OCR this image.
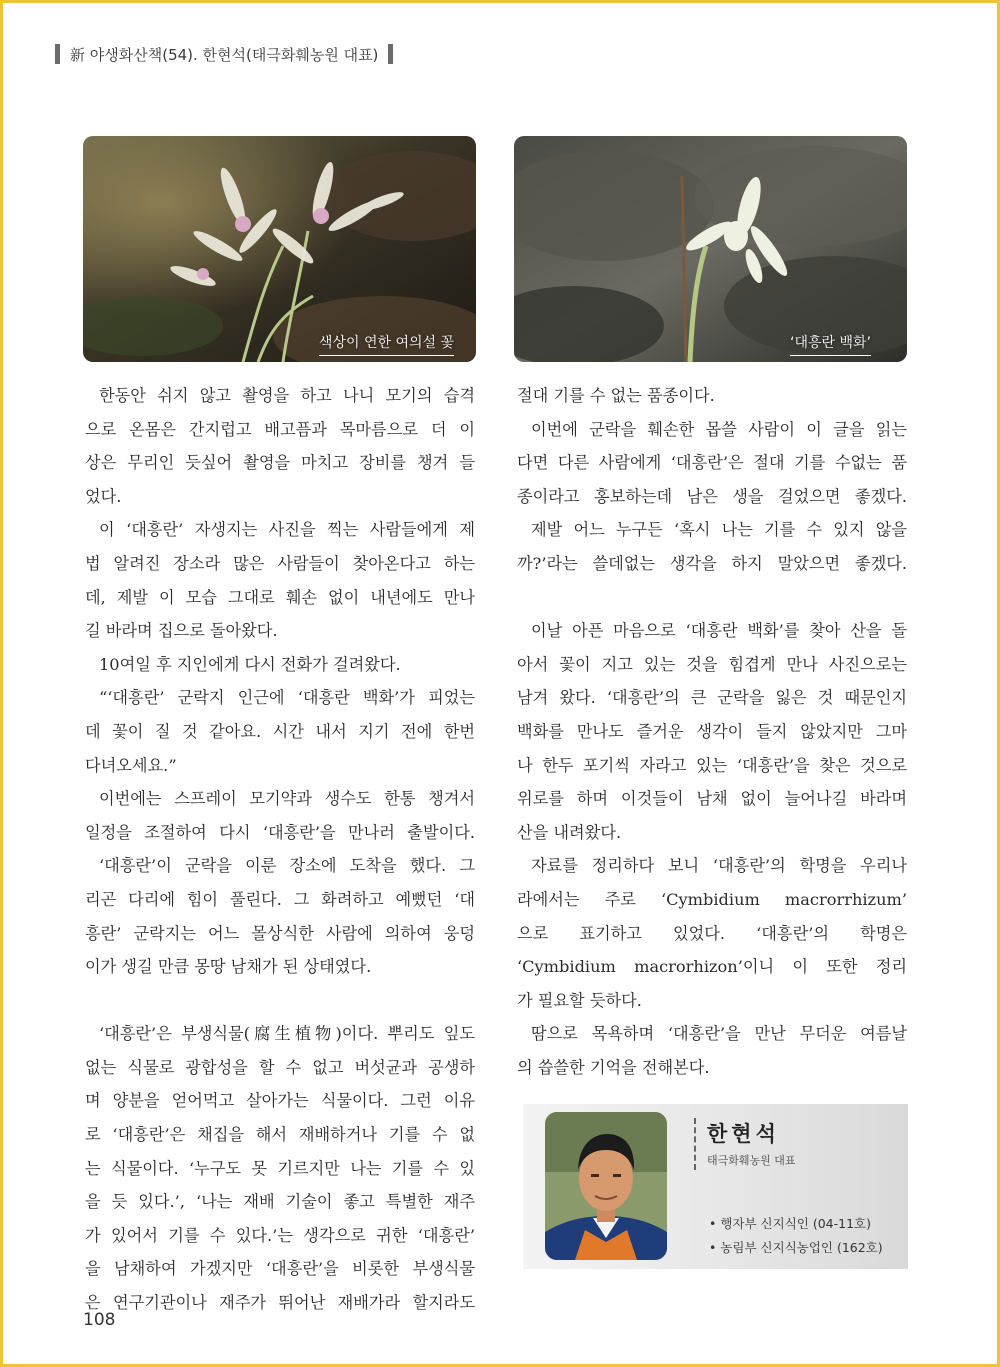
新 야생화산책(54). 한현석(태극화훼농원 대표)
색상이 연한 여의설 꽃	‘대흥란 백화’

한동안 쉬지 않고 촬영을 하고 나니 모기의 습격

으로 온몸은 간지럽고 배고픔과 목마름으로 더 이

상은 무리인 듯싶어 촬영을 마치고 장비를 챙겨 들

었다.

이 ‘대흥란’ 자생지는 사진을 찍는 사람들에게 제

법 알려진 장소라 많은 사람들이 찾아온다고 하는

데, 제발 이 모습 그대로 훼손 없이 내년에도 만나

길 바라며 집으로 돌아왔다.

10여일 후 지인에게 다시 전화가 걸려왔다.

“‘대흥란’ 군락지 인근에 ‘대흥란 백화’가 피었는

데 꽃이 질 것 같아요. 시간 내서 지기 전에 한번

다녀오세요.”

이번에는 스프레이 모기약과 생수도 한통 챙겨서

일정을 조절하여 다시 ‘대흥란’을 만나러 출발이다.

‘대흥란’이 군락을 이룬 장소에 도착을 했다. 그

리곤 다리에 힘이 풀린다. 그 화려하고 예뻤던 ‘대

흥란’ 군락지는 어느 몰상식한 사람에 의하여 웅덩

이가 생길 만큼 몽땅 남채가 된 상태였다.

‘대흥란’은 부생식물(腐生植物)이다. 뿌리도 잎도

없는 식물로 광합성을 할 수 없고 버섯균과 공생하

며 양분을 얻어먹고 살아가는 식물이다. 그런 이유

로 ‘대흥란’은 채집을 해서 재배하거나 기를 수 없

는 식물이다. ‘누구도 못 기르지만 나는 기를 수 있

을 듯 있다.’, ‘나는 재배 기술이 좋고 특별한 재주

가 있어서 기를 수 있다.’는 생각으로 귀한 ‘대흥란’

을 남채하여 가겠지만 ‘대흥란’을 비롯한 부생식물

은 연구기관이나 재주가 뛰어난 재배가라 할지라도

절대 기를 수 없는 품종이다.

이번에 군락을 훼손한 몹쓸 사람이 이 글을 읽는

다면 다른 사람에게 ‘대흥란’은 절대 기를 수없는 품

종이라고 홍보하는데 남은 생을 걸었으면 좋겠다.

제발 어느 누구든 ‘혹시 나는 기를 수 있지 않을

까?’라는 쓸데없는 생각을 하지 말았으면 좋겠다.

이날 아픈 마음으로 ‘대흥란 백화’를 찾아 산을 돌

아서 꽃이 지고 있는 것을 힘겹게 만나 사진으로는

남겨 왔다. ‘대흥란’의 큰 군락을 잃은 것 때문인지

백화를 만나도 즐거운 생각이 들지 않았지만 그마

나 한두 포기씩 자라고 있는 ‘대흥란’을 찾은 것으로

위로를 하며 이것들이 남채 없이 늘어나길 바라며

산을 내려왔다.

자료를 정리하다 보니 ‘대흥란’의 학명을 우리나

라에서는 주로 ‘Cymbidium macrorrhizum’

으로 표기하고 있었다. ‘대흥란’의 학명은

‘Cymbidium macrorhizon’이니 이 또한 정리

가 필요할 듯하다.

땀으로 목욕하며 ‘대흥란’을 만난 무더운 여름날

의 씁쓸한 기억을 전해본다.

한현석
태극화훼농원 대표
• 행자부 신지식인 (04-11호)
• 농림부 신지식농업인 (162호)
108
